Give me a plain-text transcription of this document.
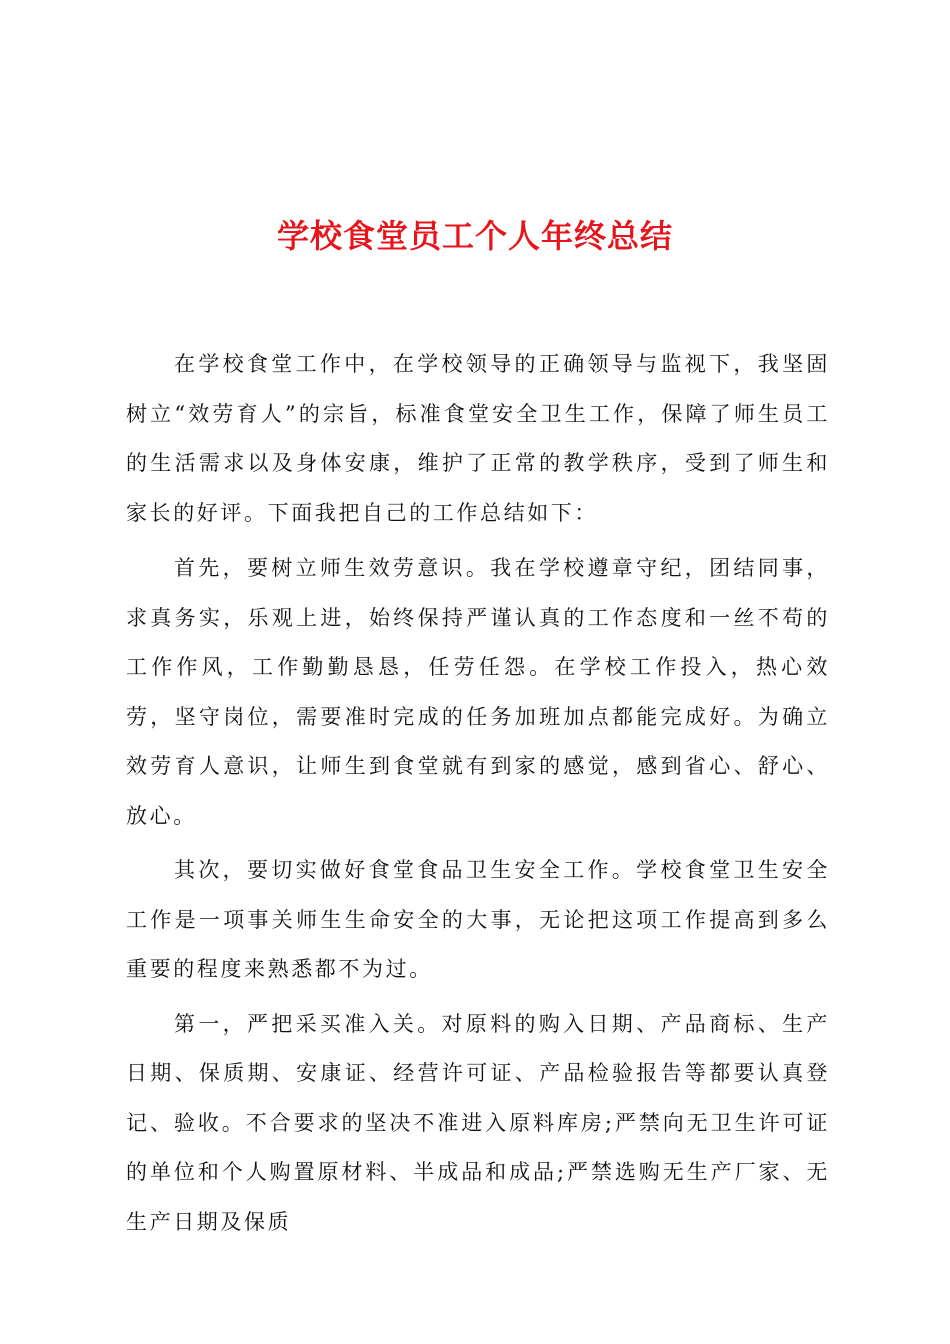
学校食堂员工个人年终总结

在学校食堂工作中，在学校领导的正确领导与监视下，我坚固树立“效劳育人”的宗旨，标准食堂安全卫生工作，保障了师生员工的生活需求以及身体安康，维护了正常的教学秩序，受到了师生和家长的好评。下面我把自己的工作总结如下：

首先，要树立师生效劳意识。我在学校遵章守纪，团结同事，求真务实，乐观上进，始终保持严谨认真的工作态度和一丝不苟的工作作风，工作勤勤恳恳，任劳任怨。在学校工作投入，热心效劳，坚守岗位，需要准时完成的任务加班加点都能完成好。为确立效劳育人意识，让师生到食堂就有到家的感觉，感到省心、舒心、放心。

其次，要切实做好食堂食品卫生安全工作。学校食堂卫生安全工作是一项事关师生生命安全的大事，无论把这项工作提高到多么重要的程度来熟悉都不为过。

第一，严把采买准入关。对原料的购入日期、产品商标、生产日期、保质期、安康证、经营许可证、产品检验报告等都要认真登记、验收。不合要求的坚决不准进入原料库房;严禁向无卫生许可证的单位和个人购置原材料、半成品和成品;严禁选购无生产厂家、无生产日期及保质
